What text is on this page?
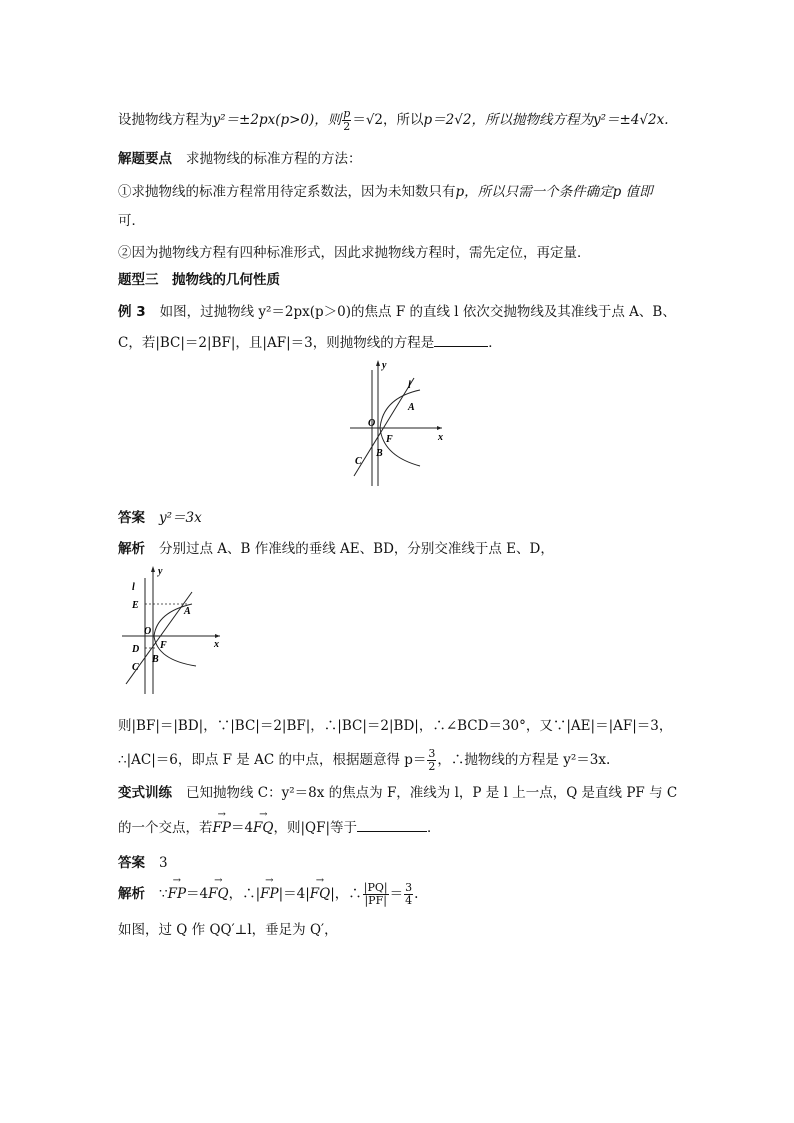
设抛物线方程为y²＝±2px(p>0)，则 $\frac{p}{2} =√2$，所以p＝2√2，所以抛物线方程为y²＝±4√2x.
解题要点 求抛物线的标准方程的方法：
①求抛物线的标准方程常用待定系数法，因为未知数只有p，所以只需一个条件确定p 值即
可．
②因为抛物线方程有四种标准形式，因此求抛物线方程时，需先定位，再定量．
题型三　抛物线的几何性质
例 3 如图，过抛物线 y²＝2px(p＞0)的焦点 F 的直线 l 依次交抛物线及其准线于点 A、B、
C，若|BC|＝2|BF|，且|AF|＝3，则抛物线的方程是	．
y
x
l
A
O
F
B
C
答案 y²＝3x
解析 分别过点 A、B 作准线的垂线 AE、BD，分别交准线于点 E、D，
l
y
E
A
O
F
D	x
C
B
则|BF|＝|BD|，∵|BC|＝2|BF|，∴|BC|＝2|BD|，∴∠BCD＝30°，又∵|AE|＝|AF|＝3，
∴|AC|＝6，即点 F 是 AC 的中点，根据题意得 $p= \frac{3}{2}$ ，∴抛物线的方程是 y²＝3x.
变式训练 已知抛物线 C：y²＝8x 的焦点为 F，准线为 l，P 是 l 上一点，Q 是直线 PF 与 C
的一个交点，若→ FP＝4→ FQ，则|QF|等于	．
答案 3
解析 ∵→ FP＝4→ FQ，∴|→ FP|＝4|→ FQ|，∴ $\frac{|PQ|}{|PF|} = \frac{3}{4}$ .
如图，过 Q 作 QQ′⊥l，垂足为 Q′，
